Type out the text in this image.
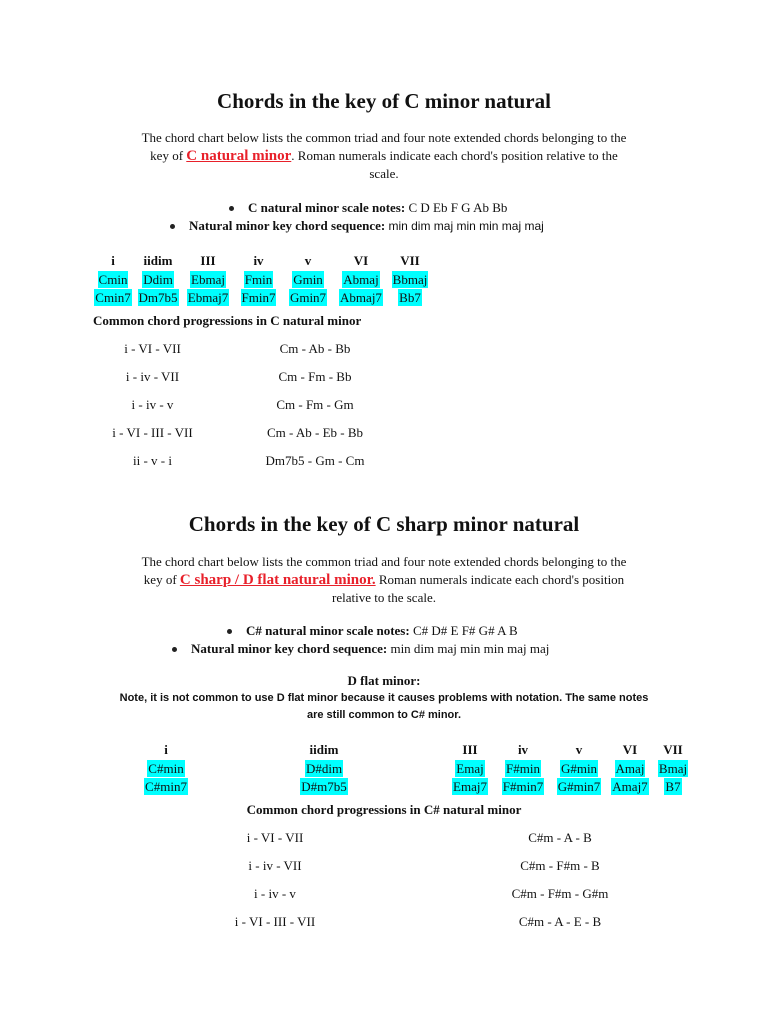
Chords in the key of C minor natural
The chord chart below lists the common triad and four note extended chords belonging to the
key of C natural minor. Roman numerals indicate each chord's position relative to the
scale.
C natural minor scale notes: C D Eb F G Ab Bb
Natural minor key chord sequence: min dim maj min min maj maj
i	iidim	III	iv	v	VI	VII
Cmin	Ddim	Ebmaj	Fmin	Gmin	Abmaj	Bbmaj
Cmin7	Dm7b5	Ebmaj7	Fmin7	Gmin7	Abmaj7	Bb7
Common chord progressions in C natural minor
i - VI - VII	Cm - Ab - Bb
i - iv - VII	Cm - Fm - Bb
i - iv - v	Cm - Fm - Gm
i - VI - III - VII	Cm - Ab - Eb - Bb
ii - v - i	Dm7b5 - Gm - Cm
Chords in the key of C sharp minor natural
The chord chart below lists the common triad and four note extended chords belonging to the
key of C sharp / D flat natural minor. Roman numerals indicate each chord's position
relative to the scale.
C# natural minor scale notes: C# D# E F# G# A B
Natural minor key chord sequence: min dim maj min min maj maj
D flat minor:
Note, it is not common to use D flat minor because it causes problems with notation. The same notes
are still common to C# minor.
i	iidim	III	iv	v	VI	VII
C#min	D#dim	Emaj	F#min	G#min	Amaj	Bmaj
C#min7	D#m7b5	Emaj7	F#min7	G#min7	Amaj7	B7
Common chord progressions in C# natural minor
i - VI - VII	C#m - A - B
i - iv - VII	C#m - F#m - B
i - iv - v	C#m - F#m - G#m
i - VI - III - VII	C#m - A - E - B
